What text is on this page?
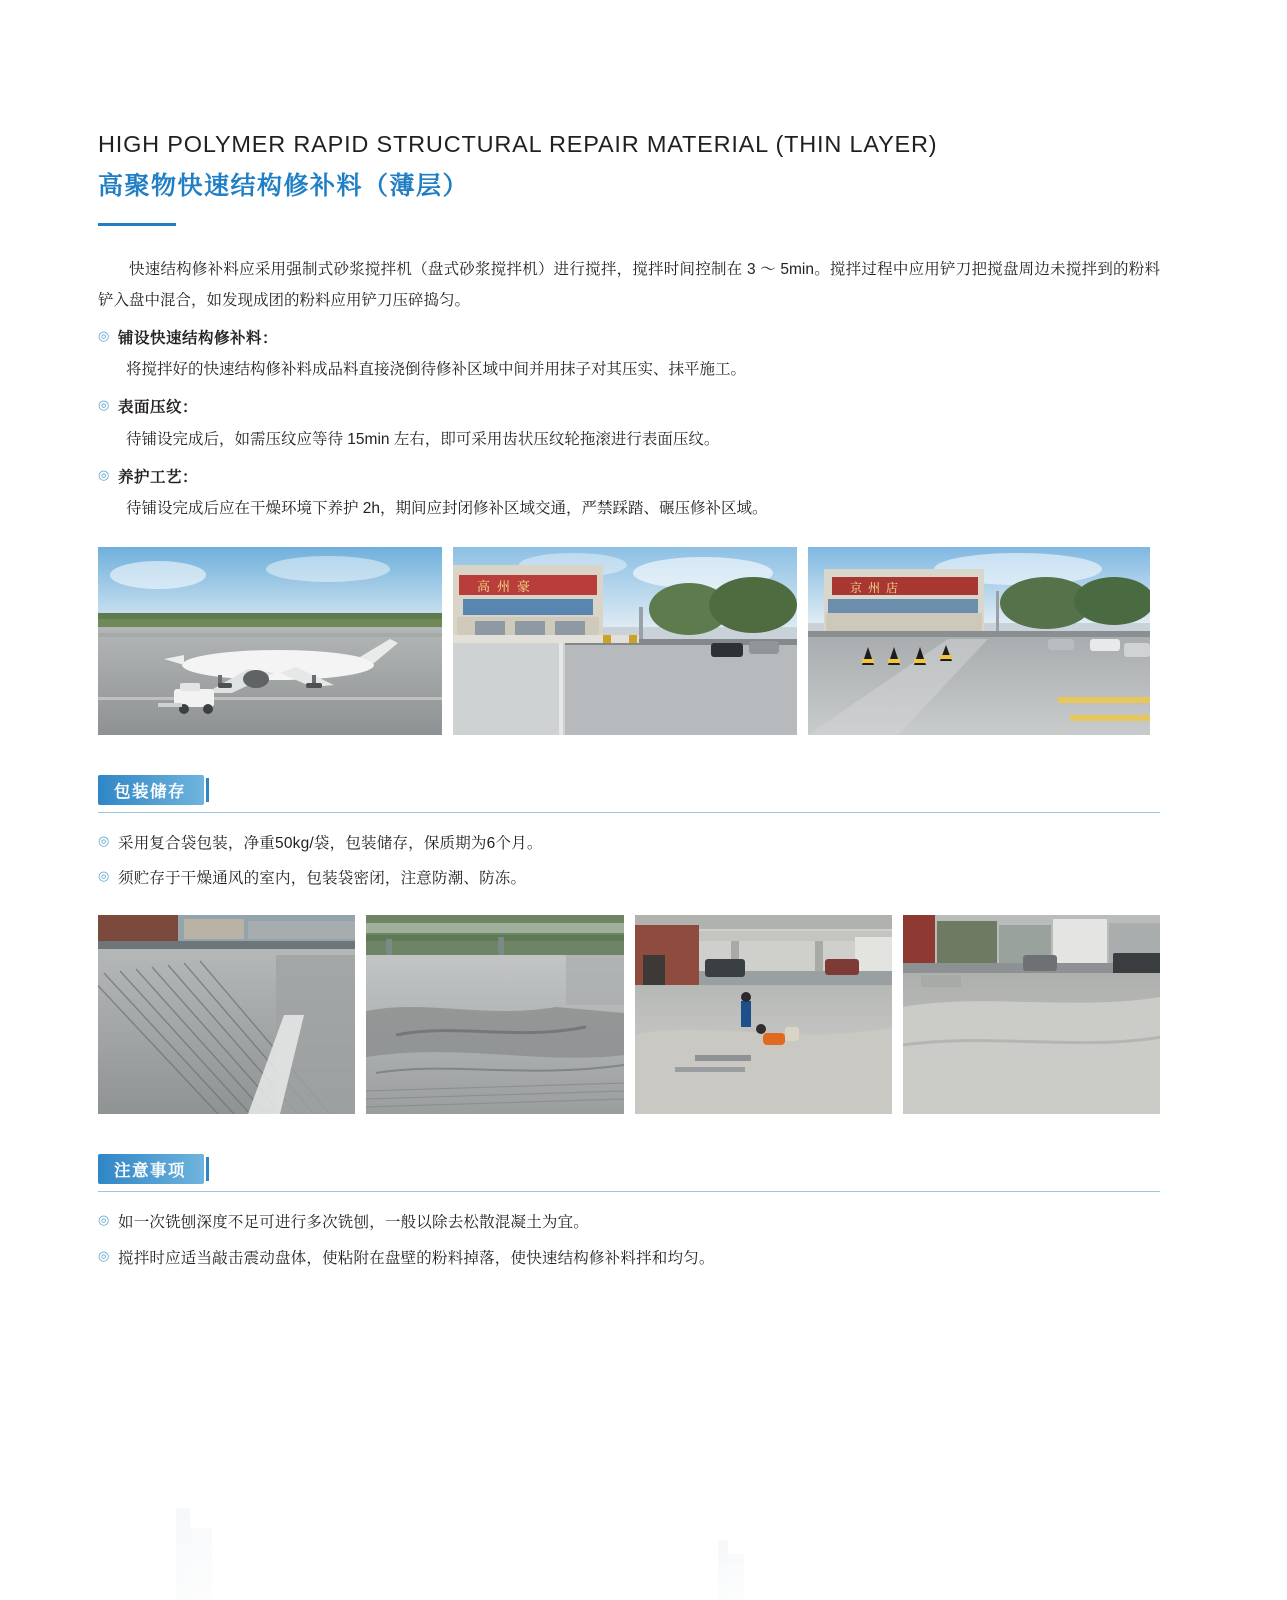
HIGH POLYMER RAPID STRUCTURAL REPAIR MATERIAL (THIN LAYER)
高聚物快速结构修补料（薄层）
快速结构修补料应采用强制式砂浆搅拌机（盘式砂浆搅拌机）进行搅拌，搅拌时间控制在 3 ～ 5min。搅拌过程中应用铲刀把搅盘周边未搅拌到的粉料铲入盘中混合，如发现成团的粉料应用铲刀压碎捣匀。
◎ 铺设快速结构修补料：
将搅拌好的快速结构修补料成品料直接浇倒待修补区域中间并用抹子对其压实、抹平施工。
◎ 表面压纹：
待铺设完成后，如需压纹应等待 15min 左右，即可采用齿状压纹轮拖滚进行表面压纹。
◎ 养护工艺：
待铺设完成后应在干燥环境下养护 2h，期间应封闭修补区域交通，严禁踩踏、碾压修补区域。
高 州 豪	京 州 店
包装储存
◎ 采用复合袋包装，净重50kg/袋，包装储存，保质期为6个月。
◎ 须贮存于干燥通风的室内，包装袋密闭，注意防潮、防冻。
注意事项
◎ 如一次铣刨深度不足可进行多次铣刨，一般以除去松散混凝土为宜。
◎ 搅拌时应适当敲击震动盘体，使粘附在盘壁的粉料掉落，使快速结构修补料拌和均匀。
